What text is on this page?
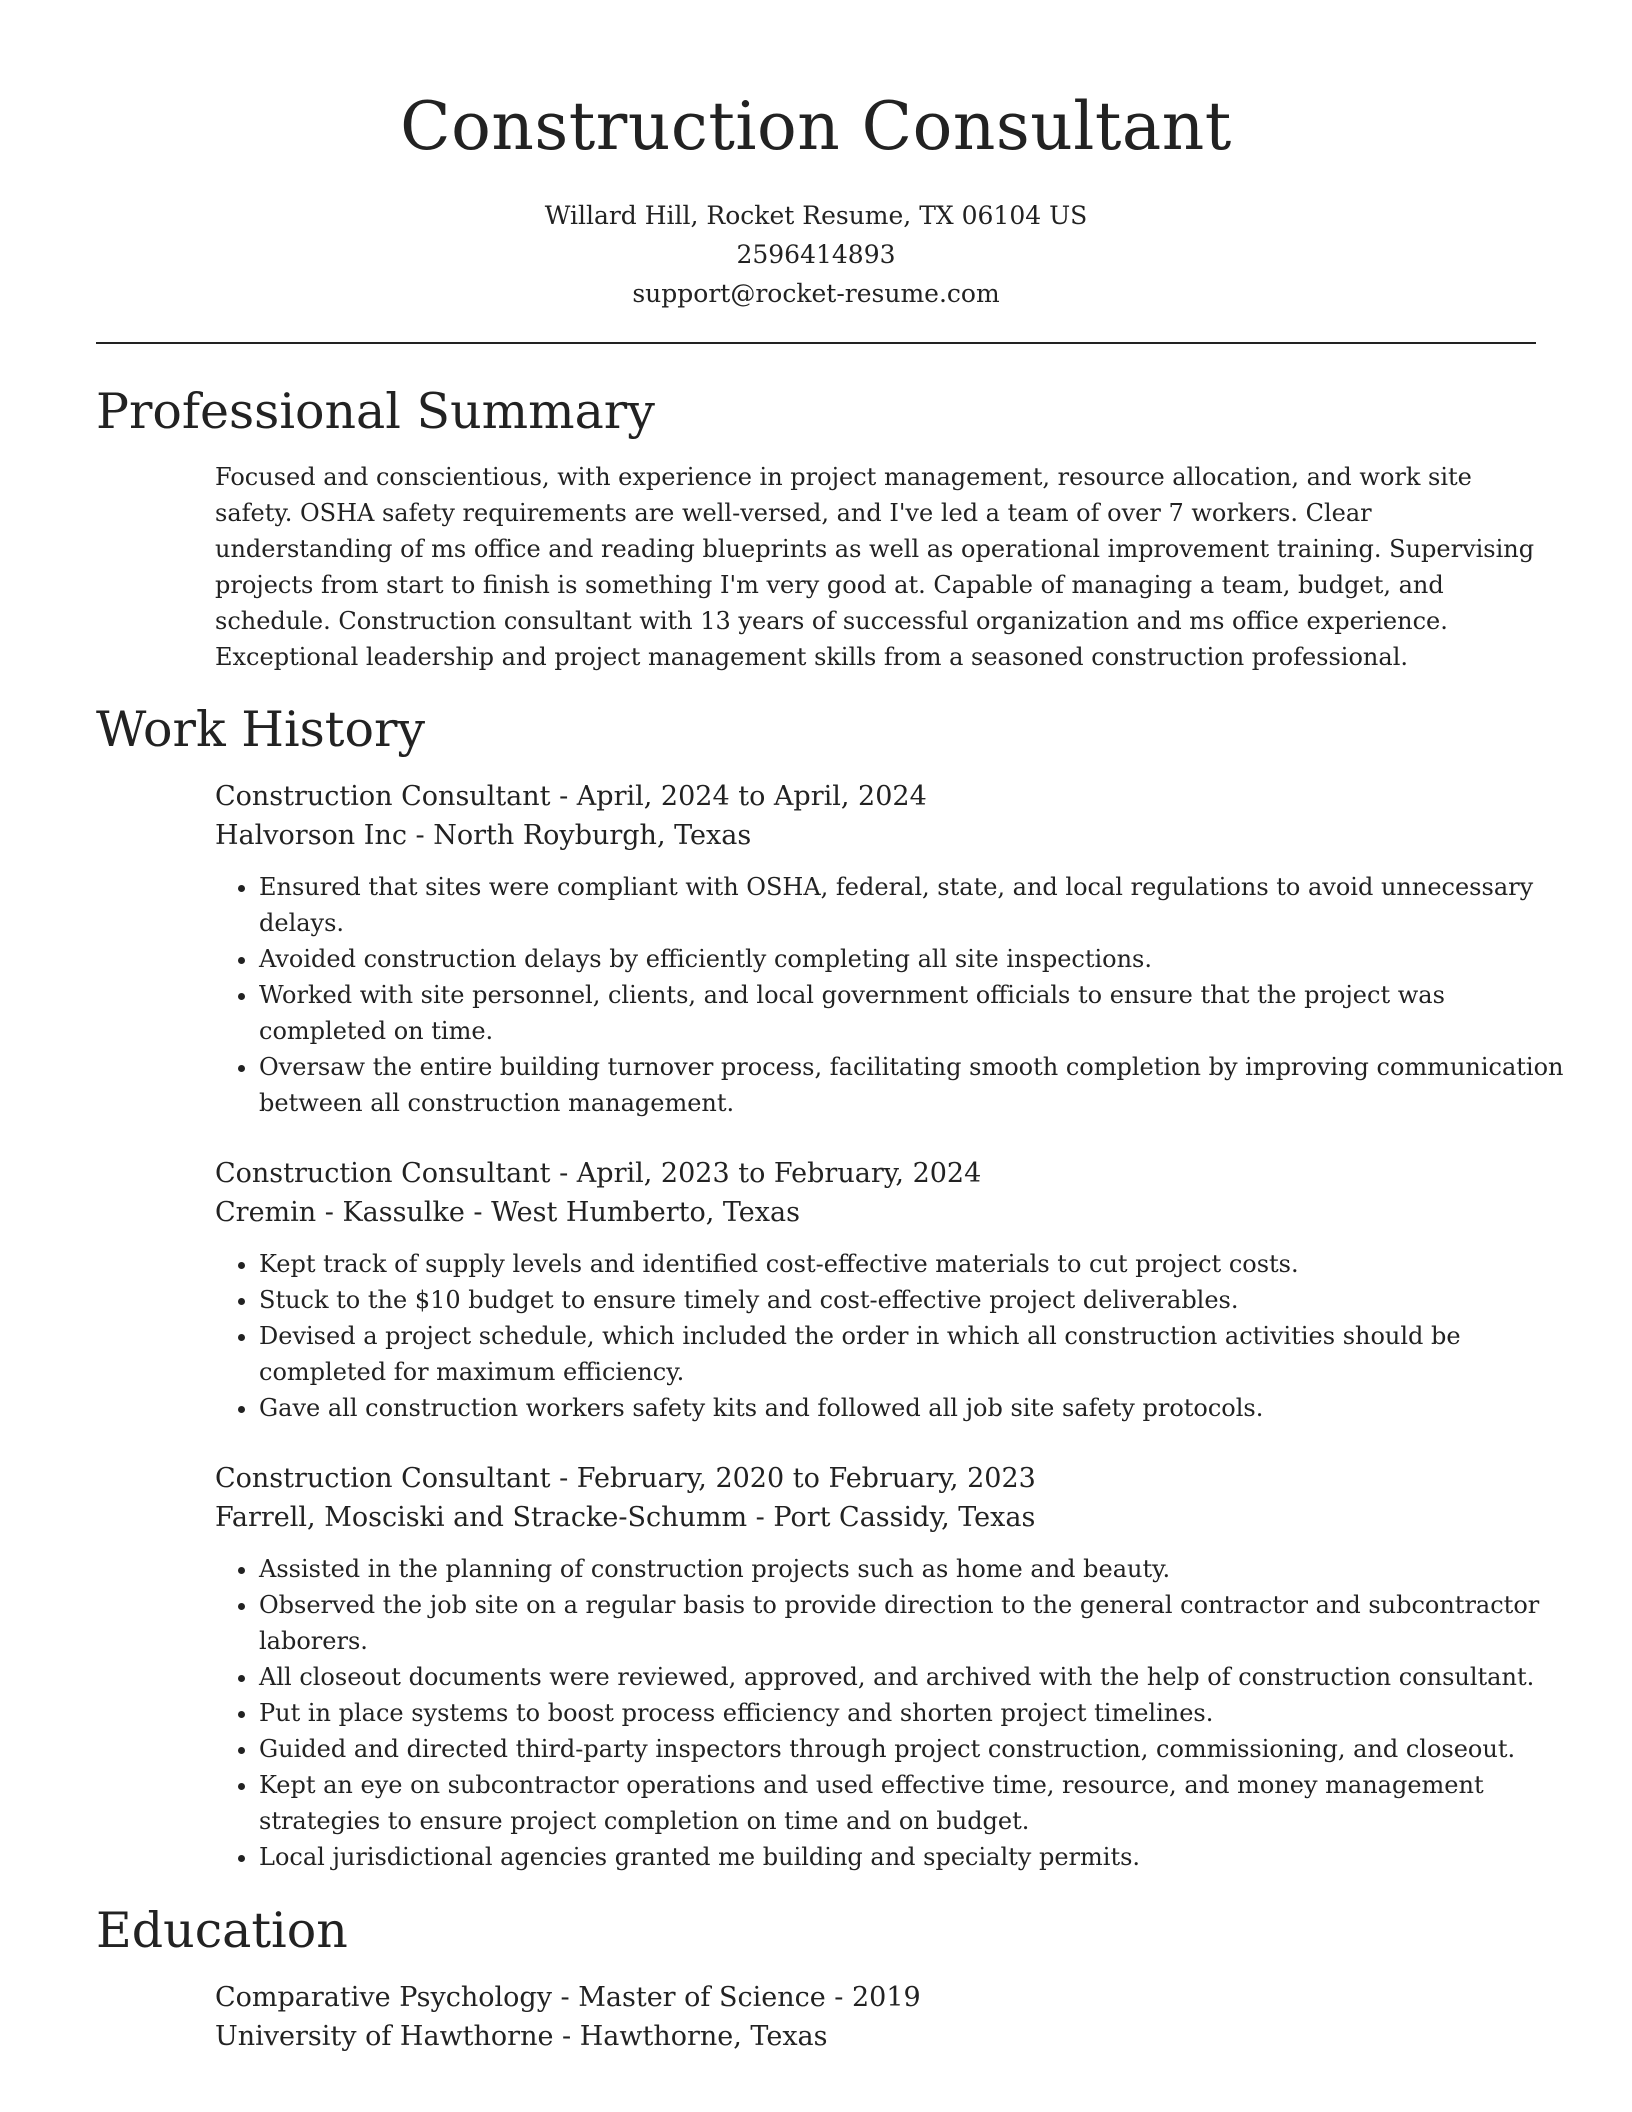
Construction Consultant
Willard Hill, Rocket Resume, TX 06104 US
2596414893
support@rocket-resume.com
Professional Summary
Focused and conscientious, with experience in project management, resource allocation, and work site safety. OSHA safety requirements are well-versed, and I've led a team of over 7 workers. Clear understanding of ms office and reading blueprints as well as operational improvement training. Supervising projects from start to finish is something I'm very good at. Capable of managing a team, budget, and schedule. Construction consultant with 13 years of successful organization and ms office experience. Exceptional leadership and project management skills from a seasoned construction professional.
Work History
Construction Consultant - April, 2024 to April, 2024
Halvorson Inc - North Royburgh, Texas
• Ensured that sites were compliant with OSHA, federal, state, and local regulations to avoid unnecessary delays.
• Avoided construction delays by efficiently completing all site inspections.
• Worked with site personnel, clients, and local government officials to ensure that the project was completed on time.
• Oversaw the entire building turnover process, facilitating smooth completion by improving communication between all construction management.
Construction Consultant - April, 2023 to February, 2024
Cremin - Kassulke - West Humberto, Texas
• Kept track of supply levels and identified cost-effective materials to cut project costs.
• Stuck to the $10 budget to ensure timely and cost-effective project deliverables.
• Devised a project schedule, which included the order in which all construction activities should be completed for maximum efficiency.
• Gave all construction workers safety kits and followed all job site safety protocols.
Construction Consultant - February, 2020 to February, 2023
Farrell, Mosciski and Stracke-Schumm - Port Cassidy, Texas
• Assisted in the planning of construction projects such as home and beauty.
• Observed the job site on a regular basis to provide direction to the general contractor and subcontractor laborers.
• All closeout documents were reviewed, approved, and archived with the help of construction consultant.
• Put in place systems to boost process efficiency and shorten project timelines.
• Guided and directed third-party inspectors through project construction, commissioning, and closeout.
• Kept an eye on subcontractor operations and used effective time, resource, and money management strategies to ensure project completion on time and on budget.
• Local jurisdictional agencies granted me building and specialty permits.
Education
Comparative Psychology - Master of Science - 2019
University of Hawthorne - Hawthorne, Texas
